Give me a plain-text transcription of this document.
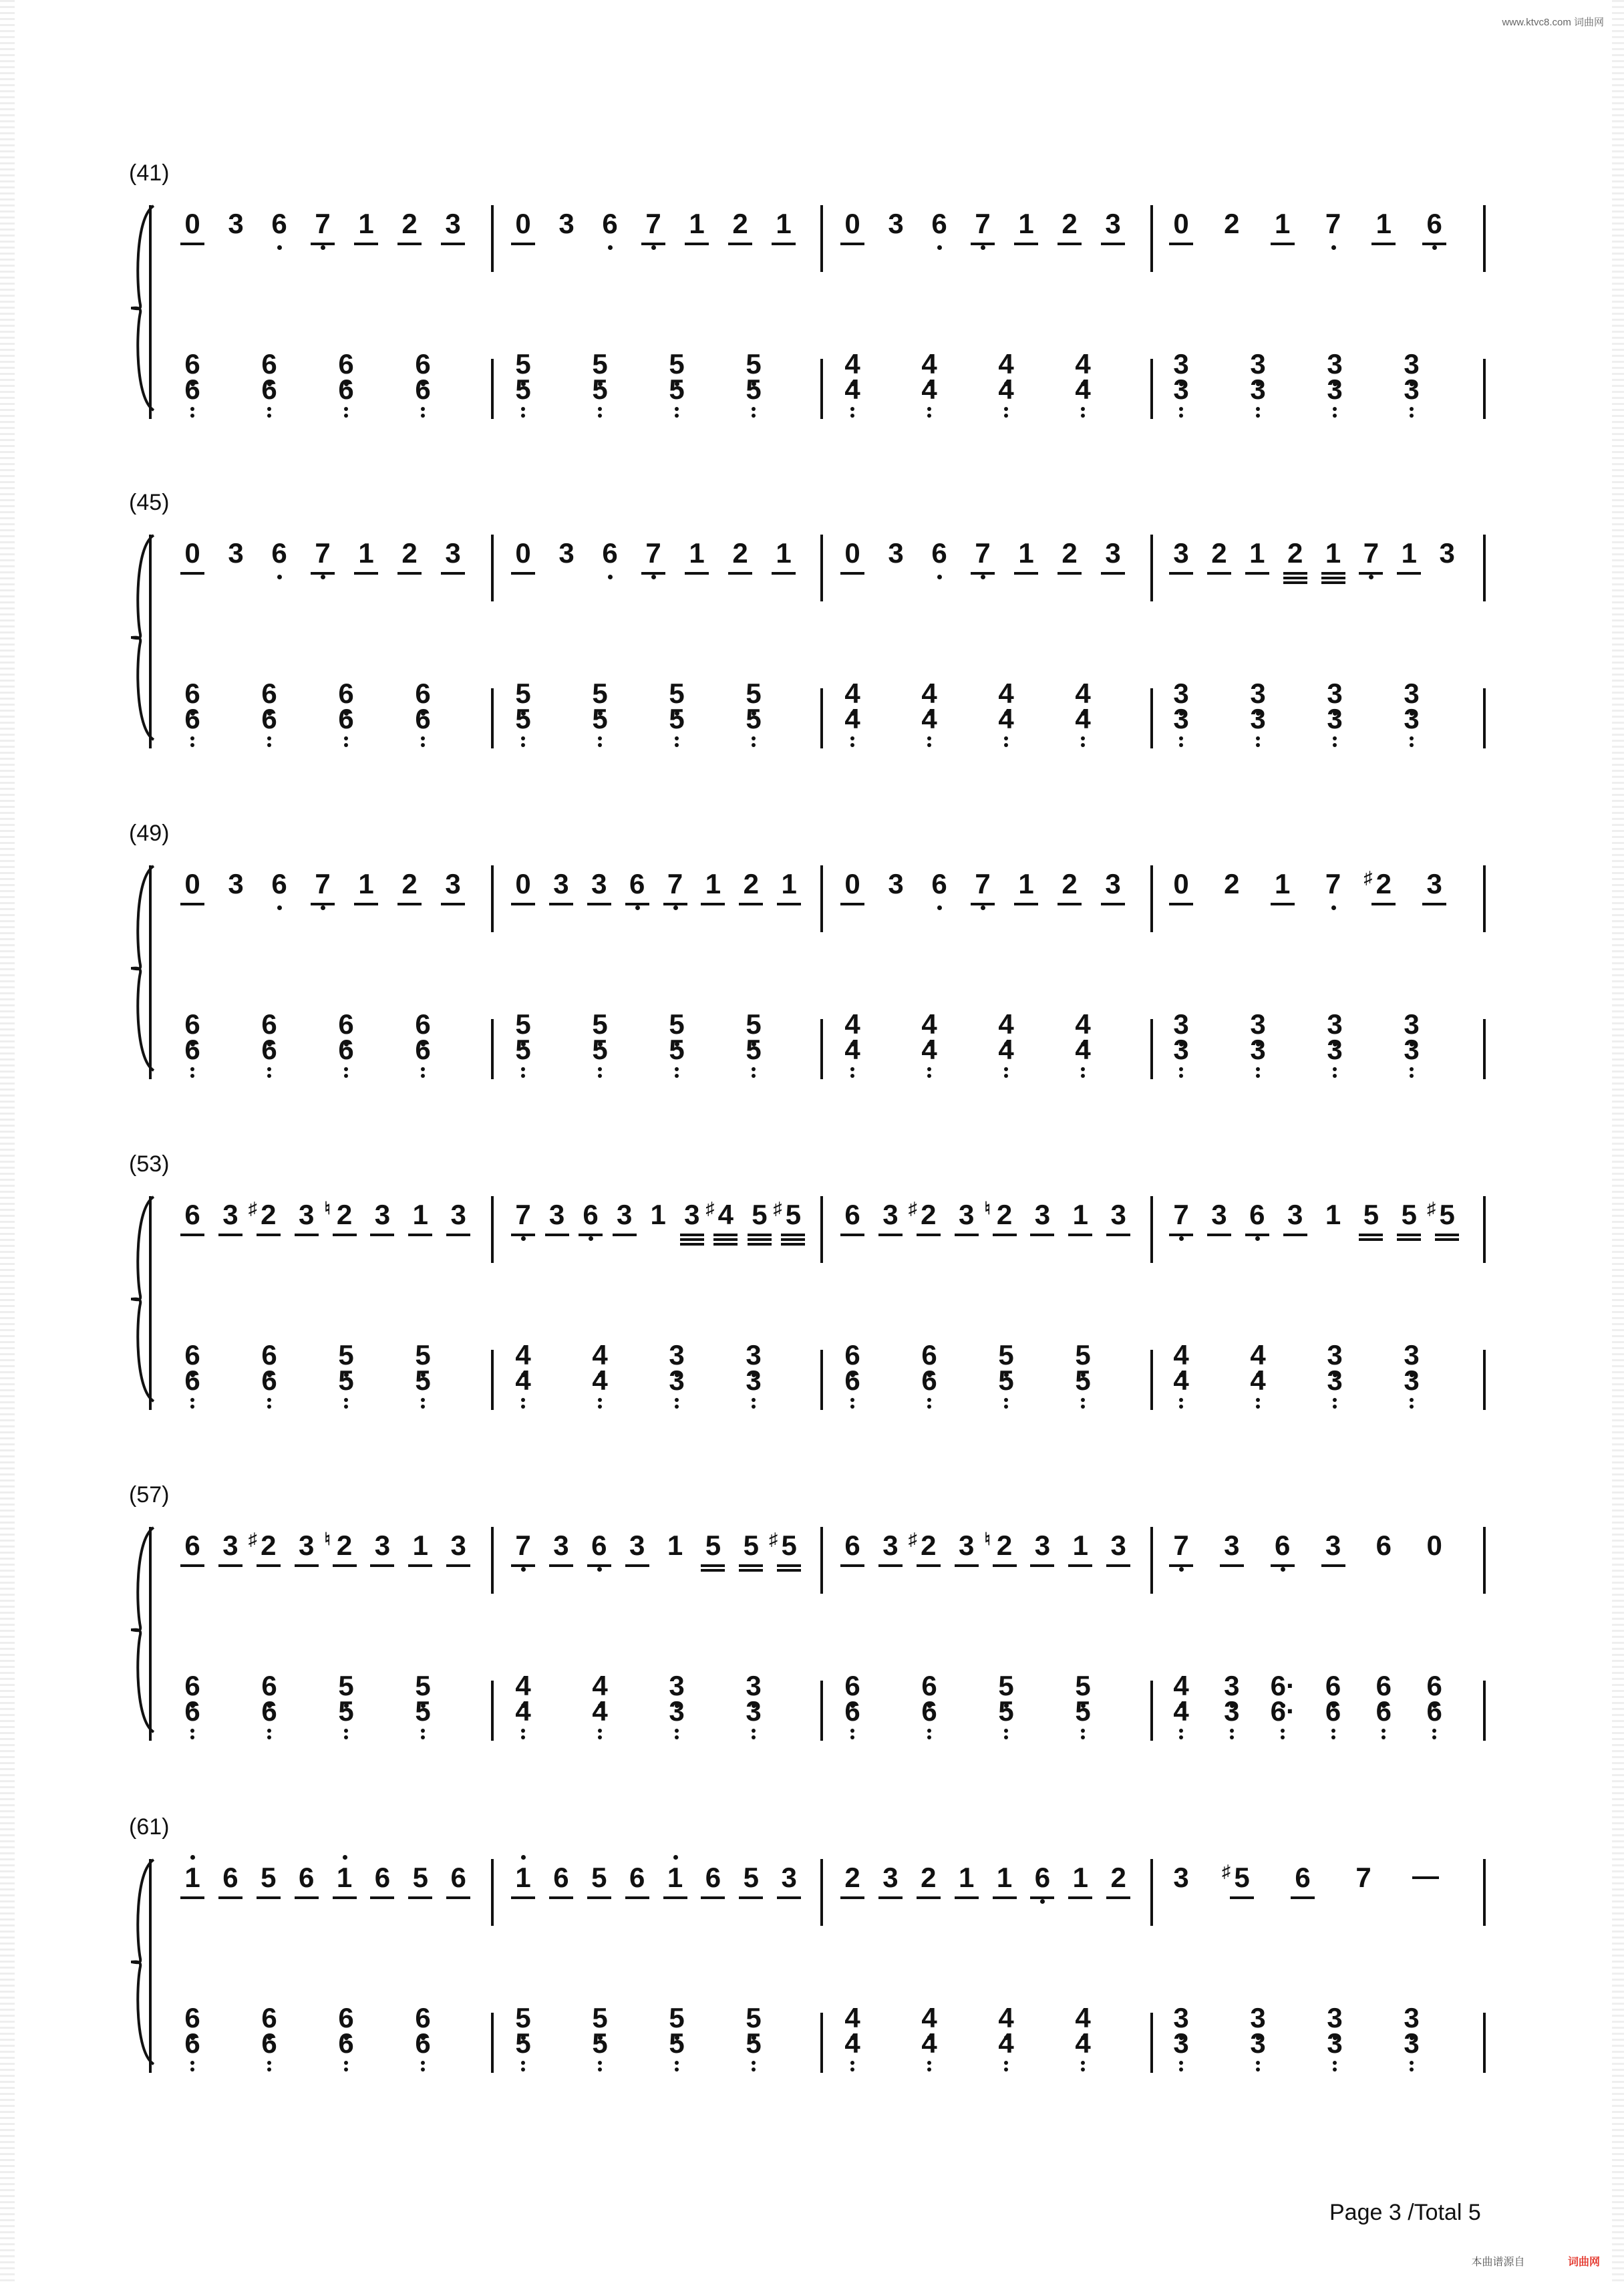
www.ktvc8.com 词曲网
(41)
0 3 6 7 1 2 3
6 6 6 6
6 6 6 6
0 3 6 7 1 2 1
5 5 5 5
5 5 5 5
0 3 6 7 1 2 3
4 4 4 4
4 4 4 4
0 2 1 7 1 6
3 3 3 3
3 3 3 3
(45)
0 3 6 7 1 2 3
6 6 6 6
6 6 6 6
0 3 6 7 1 2 1
5 5 5 5
5 5 5 5
0 3 6 7 1 2 3
4 4 4 4
4 4 4 4
3 2 1 2 1 7 1 3
3 3 3 3
3 3 3 3
(49)
0 3 6 7 1 2 3
6 6 6 6
6 6 6 6
0 3 3 6 7 1 2 1
5 5 5 5
5 5 5 5
0 3 6 7 1 2 3
4 4 4 4
4 4 4 4
0 2 1 7 2
♯ 3
3 3 3 3
3 3 3 3
(53)
6 3 2
♯ 3 2
♮ 3 1 3
6 6 5 5
6 6 5 5
7 3 6 3 1 3 4
♯ 5 5
♯
4 4 3 3
4 4 3 3
6 3 2
♯ 3 2
♮ 3 1 3
6 6 5 5
6 6 5 5
7 3 6 3 1 5 5 5
♯
4 4 3 3
4 4 3 3
(57)
6 3 2
♯ 3 2
♮ 3 1 3
6 6 5 5
6 6 5 5
7 3 6 3 1 5 5 5
♯
4 4 3 3
4 4 3 3
6 3 2
♯ 3 2
♮ 3 1 3
6 6 5 5
6 6 5 5
7 3 6 3 6 0
4 3 6· 6 6 6
4 3 6· 6 6 6
(61)
1 6 5 6 1 6 5 6
6 6 6 6
6 6 6 6
1 6 5 6 1 6 5 3
5 5 5 5
5 5 5 5
2 3 2 1 1 6 1 2
4 4 4 4
4 4 4 4
3 5
♯ 6 7
3 3 3 3
3 3 3 3
Page 3 /Total 5
本曲谱源自	词曲网
